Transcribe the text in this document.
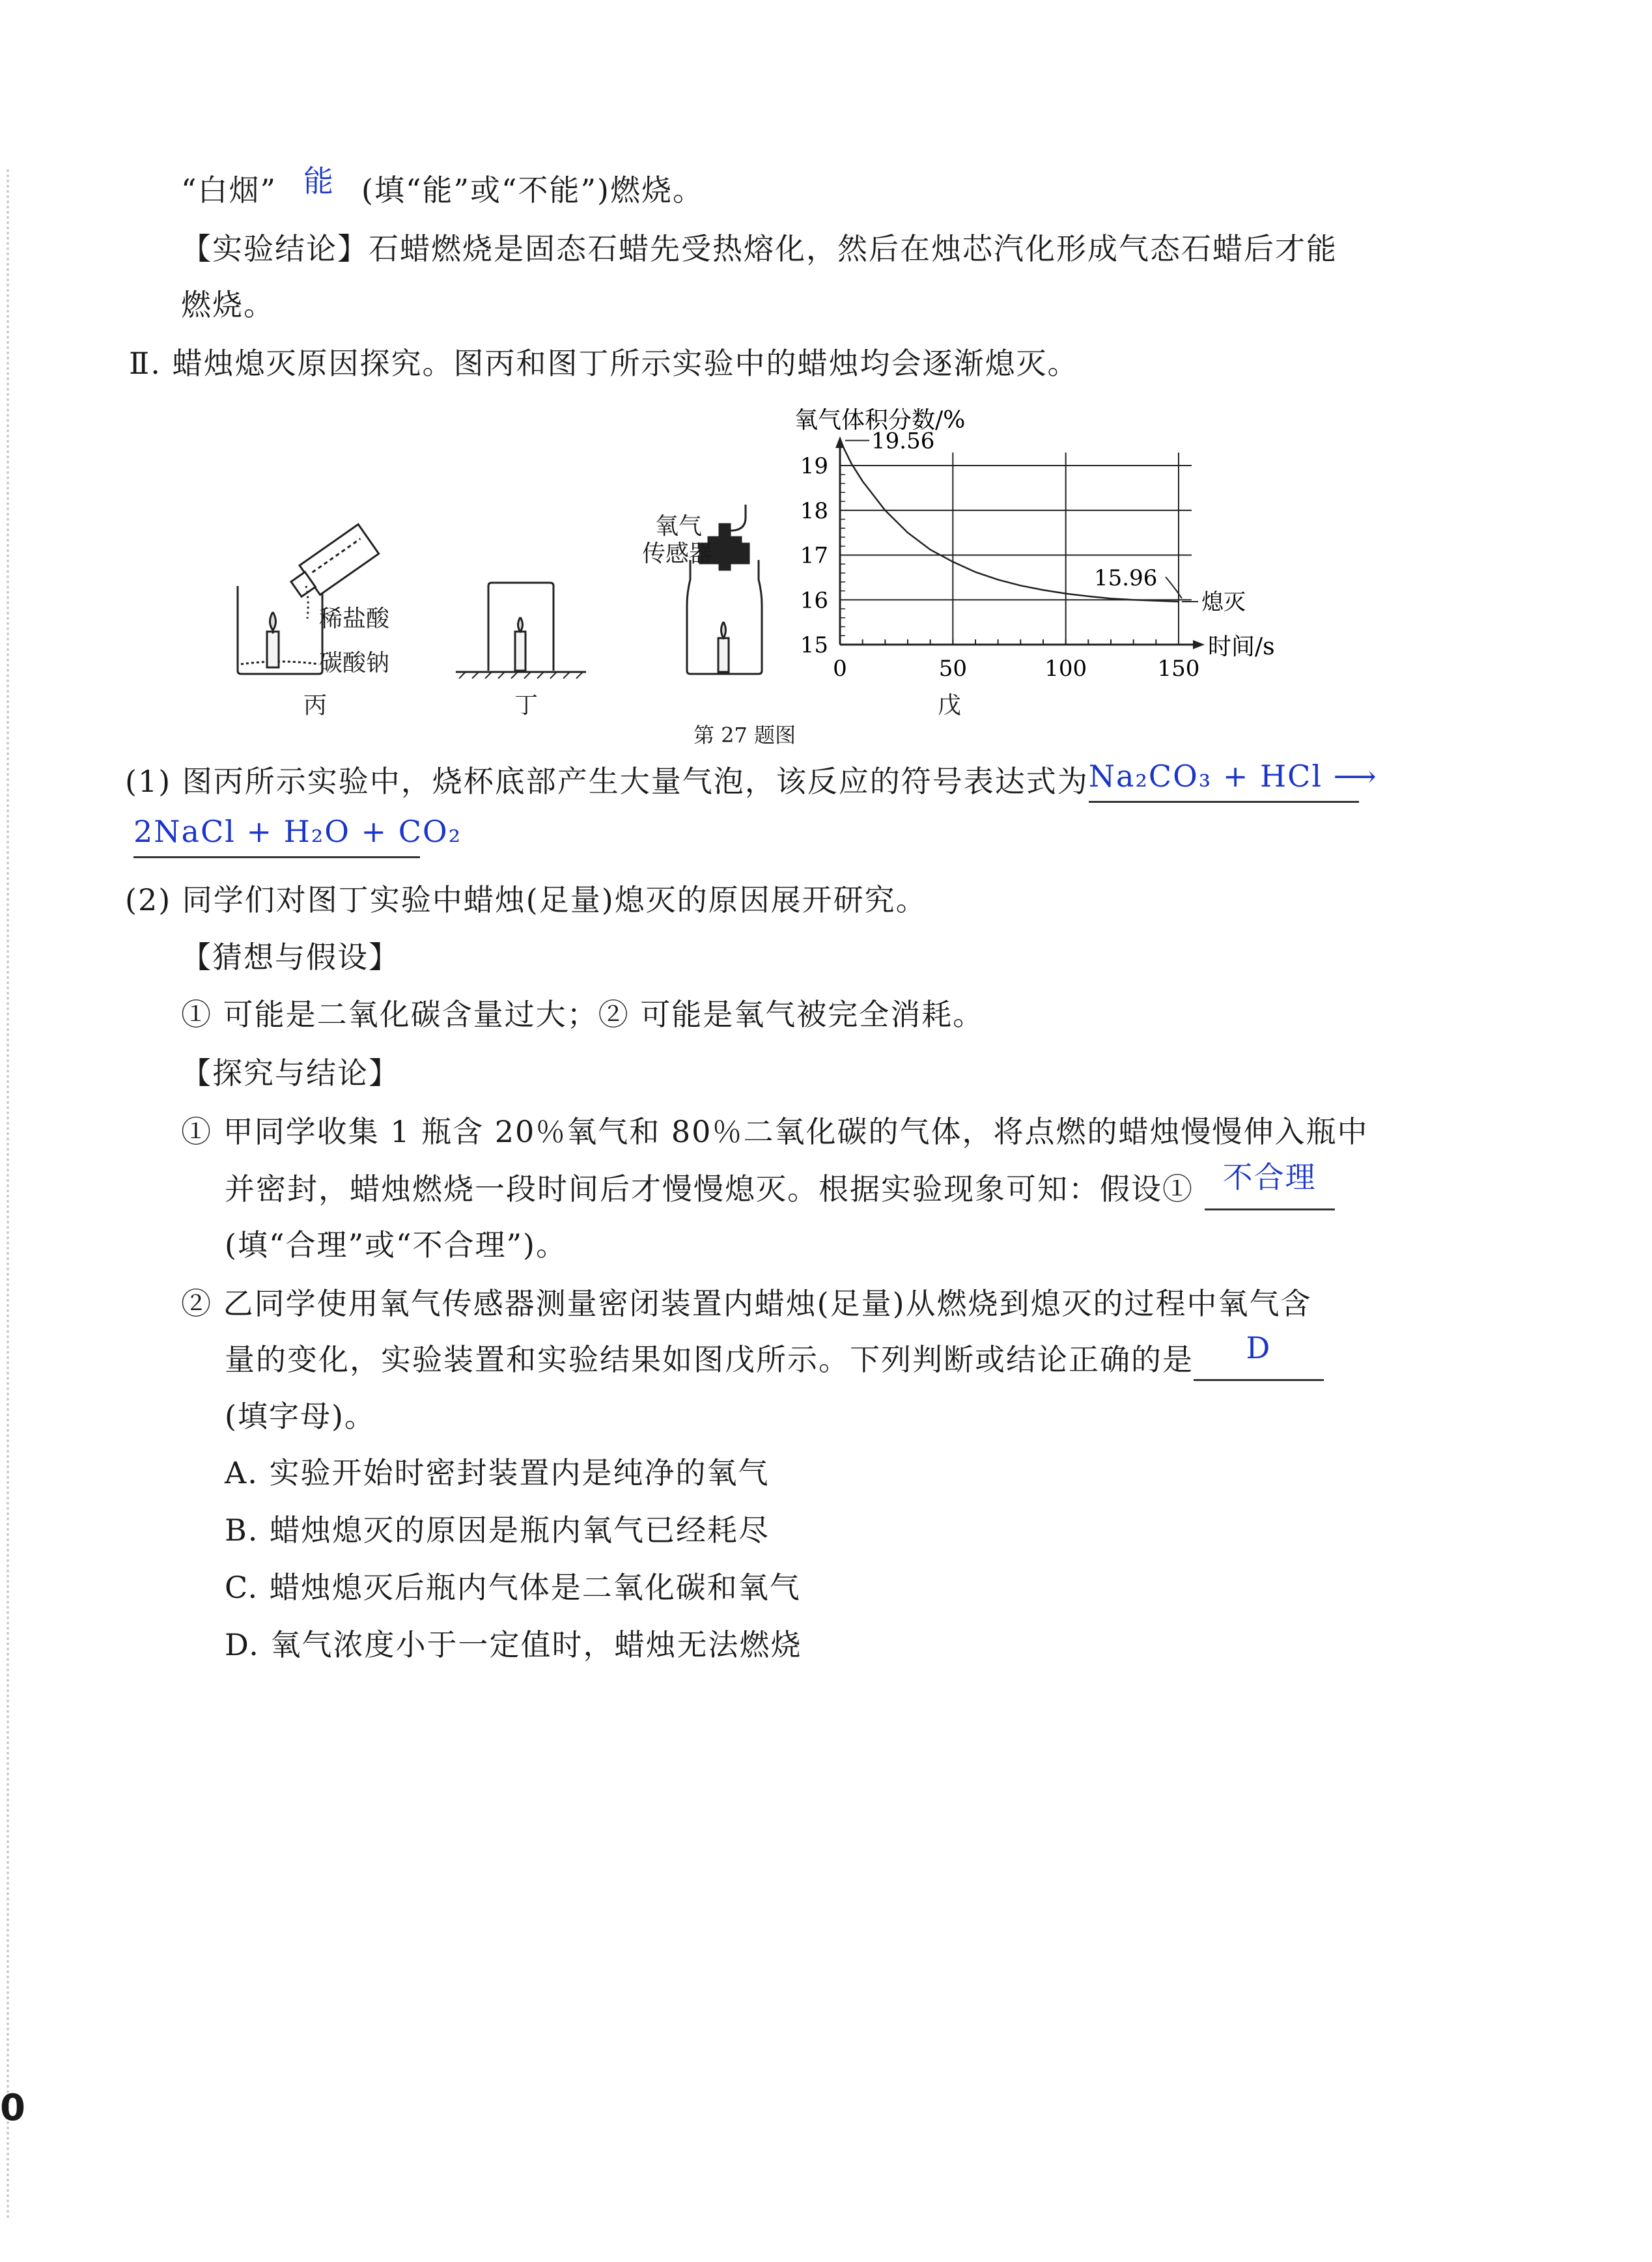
“白烟” 能 (填“能”或“不能”)燃烧。
【实验结论】石蜡燃烧是固态石蜡先受热熔化，然后在烛芯汽化形成气态石蜡后才能
燃烧。
Ⅱ. 蜡烛熄灭原因探究。图丙和图丁所示实验中的蜡烛均会逐渐熄灭。
稀盐酸
碳酸钠
丙	丁
氧气
传感器
戊
第 27 题图
15
16
17
18
19
0	50	100	150
氧气体积分数/%
时间/s
19.56
15.96
熄灭
(1) 图丙所示实验中，烧杯底部产生大量气泡，该反应的符号表达式为Na₂CO₃ + HCl ⟶
2NaCl + H₂O + CO₂
(2) 同学们对图丁实验中蜡烛(足量)熄灭的原因展开研究。
【猜想与假设】
① 可能是二氧化碳含量过大；② 可能是氧气被完全消耗。
【探究与结论】
① 甲同学收集 1 瓶含 20％氧气和 80％二氧化碳的气体，将点燃的蜡烛慢慢伸入瓶中
并密封，蜡烛燃烧一段时间后才慢慢熄灭。根据实验现象可知：假设① 不合理
(填“合理”或“不合理”)。
② 乙同学使用氧气传感器测量密闭装置内蜡烛(足量)从燃烧到熄灭的过程中氧气含
量的变化，实验装置和实验结果如图戊所示。下列判断或结论正确的是 D
(填字母)。
A. 实验开始时密封装置内是纯净的氧气
B. 蜡烛熄灭的原因是瓶内氧气已经耗尽
C. 蜡烛熄灭后瓶内气体是二氧化碳和氧气
D. 氧气浓度小于一定值时，蜡烛无法燃烧
0
